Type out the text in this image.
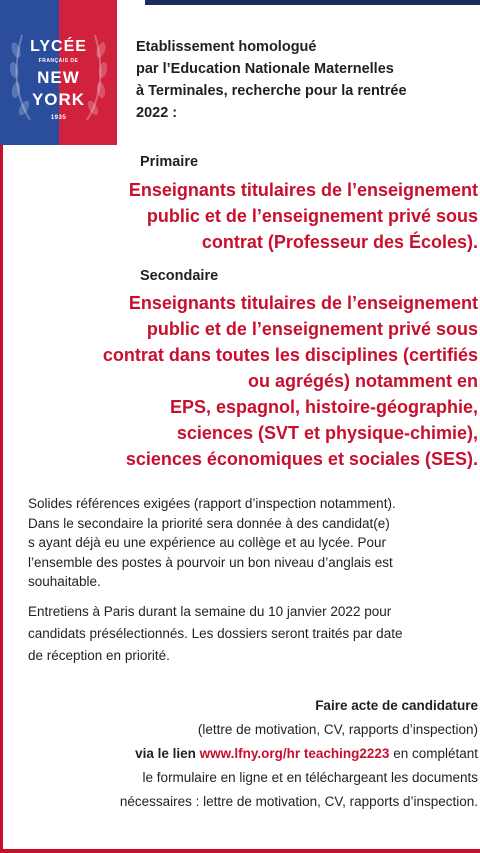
LYCÉE
FRANÇAIS DE
NEW
YORK
1935
Etablissement homologué
par l’Education Nationale Maternelles
à Terminales, recherche pour la rentrée
2022 :
Primaire
Enseignants titulaires de l’enseignement
public et de l’enseignement privé sous
contrat (Professeur des Écoles).
Secondaire
Enseignants titulaires de l’enseignement
public et de l’enseignement privé sous
contrat dans toutes les disciplines (certifiés
ou agrégés) notamment en
EPS, espagnol, histoire-géographie,
sciences (SVT et physique-chimie),
sciences économiques et sociales (SES).
Solides références exigées (rapport d’inspection notamment).
Dans le secondaire la priorité sera donnée à des candidat(e)
s ayant déjà eu une expérience au collège et au lycée. Pour
l’ensemble des postes à pourvoir un bon niveau d’anglais est
souhaitable.
Entretiens à Paris durant la semaine du 10 janvier 2022 pour
candidats présélectionnés. Les dossiers seront traités par date
de réception en priorité.
Faire acte de candidature
(lettre de motivation, CV, rapports d’inspection)
via le lien www.lfny.org/hr teaching2223 en complétant
le formulaire en ligne et en téléchargeant les documents
nécessaires : lettre de motivation, CV, rapports d’inspection.
